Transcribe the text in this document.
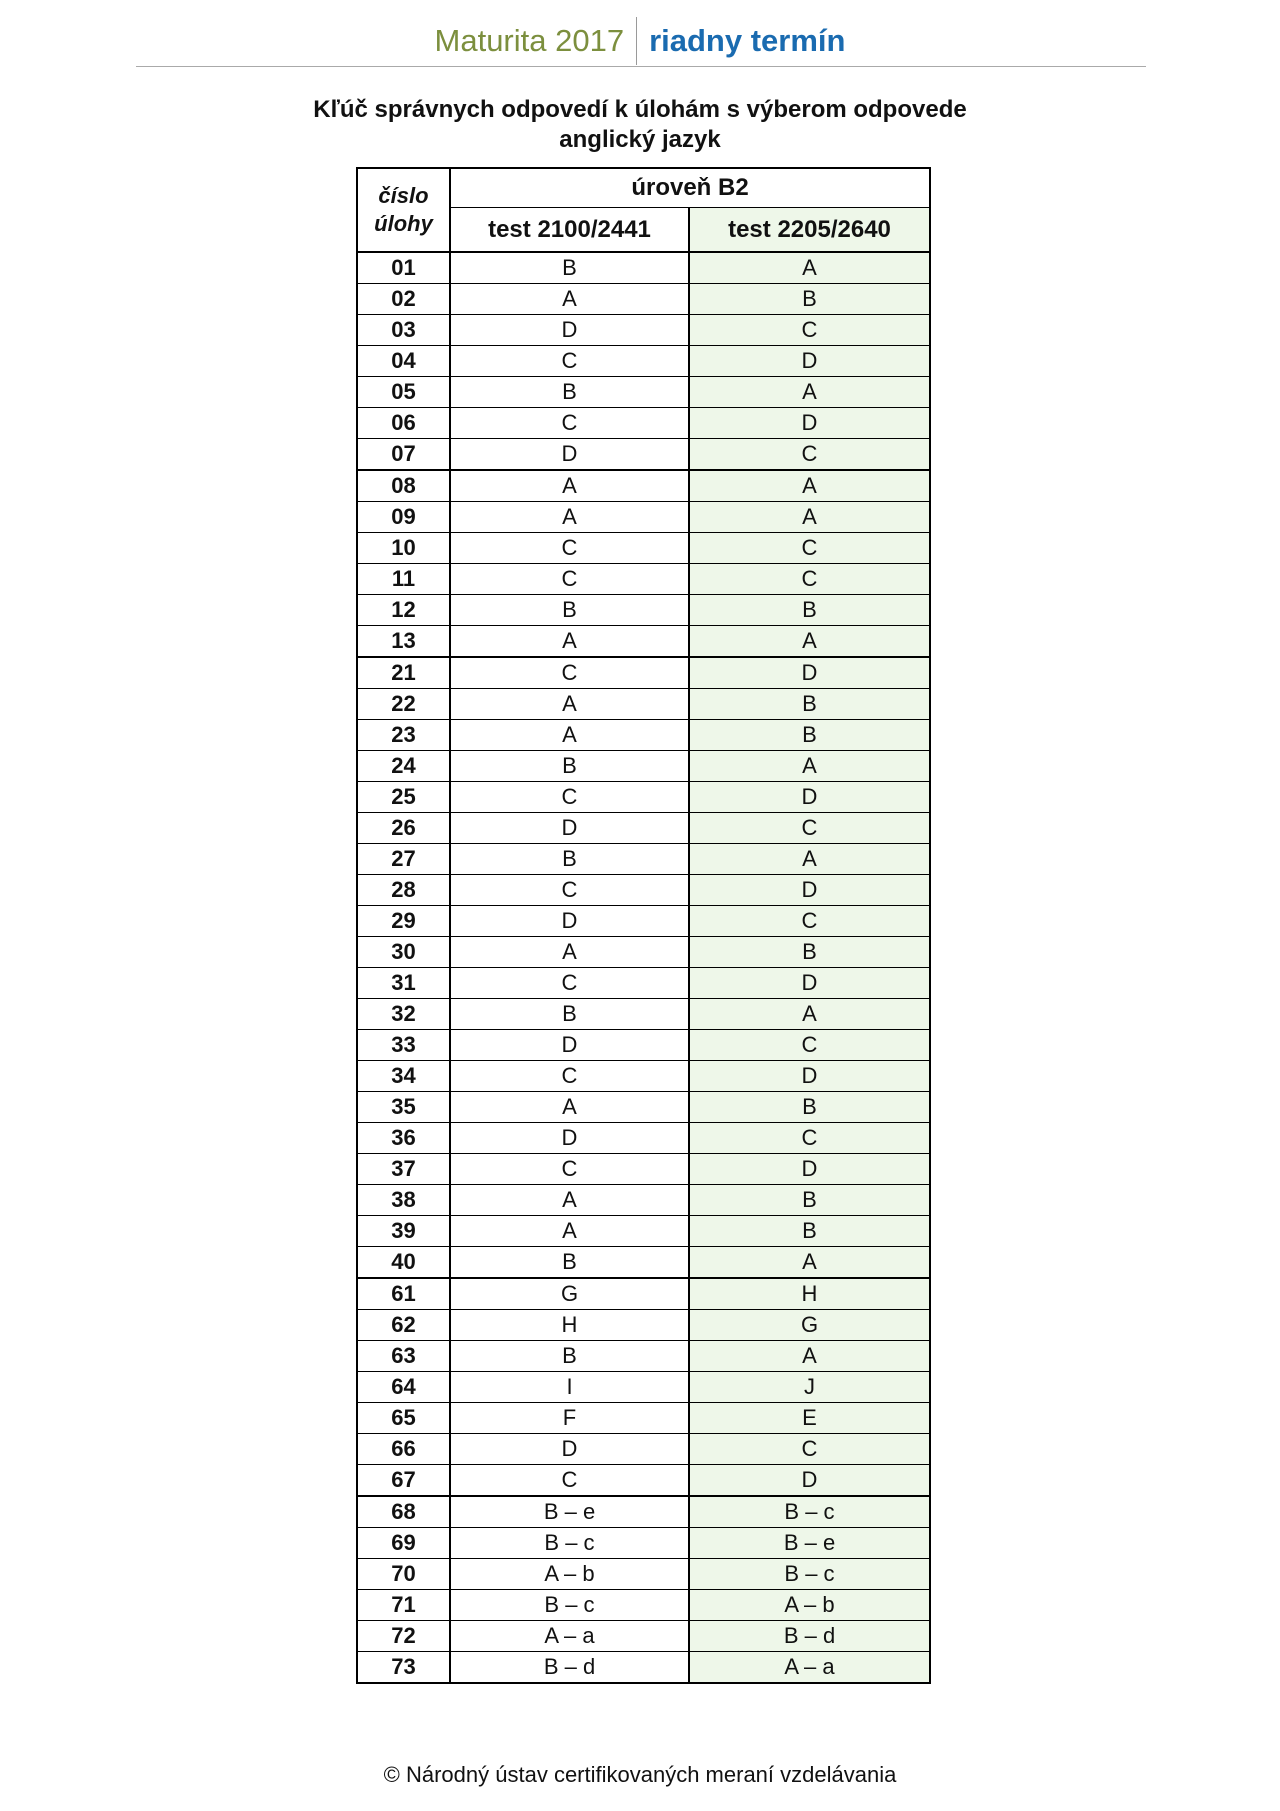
Maturita 2017 riadny termín
Kľúč správnych odpovedí k úlohám s výberom odpovede
anglický jazyk
číslo úlohy	úroveň B2	
	test 2100/2441	test 2205/2640
01	B	A
02	A	B
03	D	C
04	C	D
05	B	A
06	C	D
07	D	C
08	A	A
09	A	A
10	C	C
11	C	C
12	B	B
13	A	A
21	C	D
22	A	B
23	A	B
24	B	A
25	C	D
26	D	C
27	B	A
28	C	D
29	D	C
30	A	B
31	C	D
32	B	A
33	D	C
34	C	D
35	A	B
36	D	C
37	C	D
38	A	B
39	A	B
40	B	A
61	G	H
62	H	G
63	B	A
64	I	J
65	F	E
66	D	C
67	C	D
68	B – e	B – c
69	B – c	B – e
70	A – b	B – c
71	B – c	A – b
72	A – a	B – d
73	B – d	A – a
© Národný ústav certifikovaných meraní vzdelávania
